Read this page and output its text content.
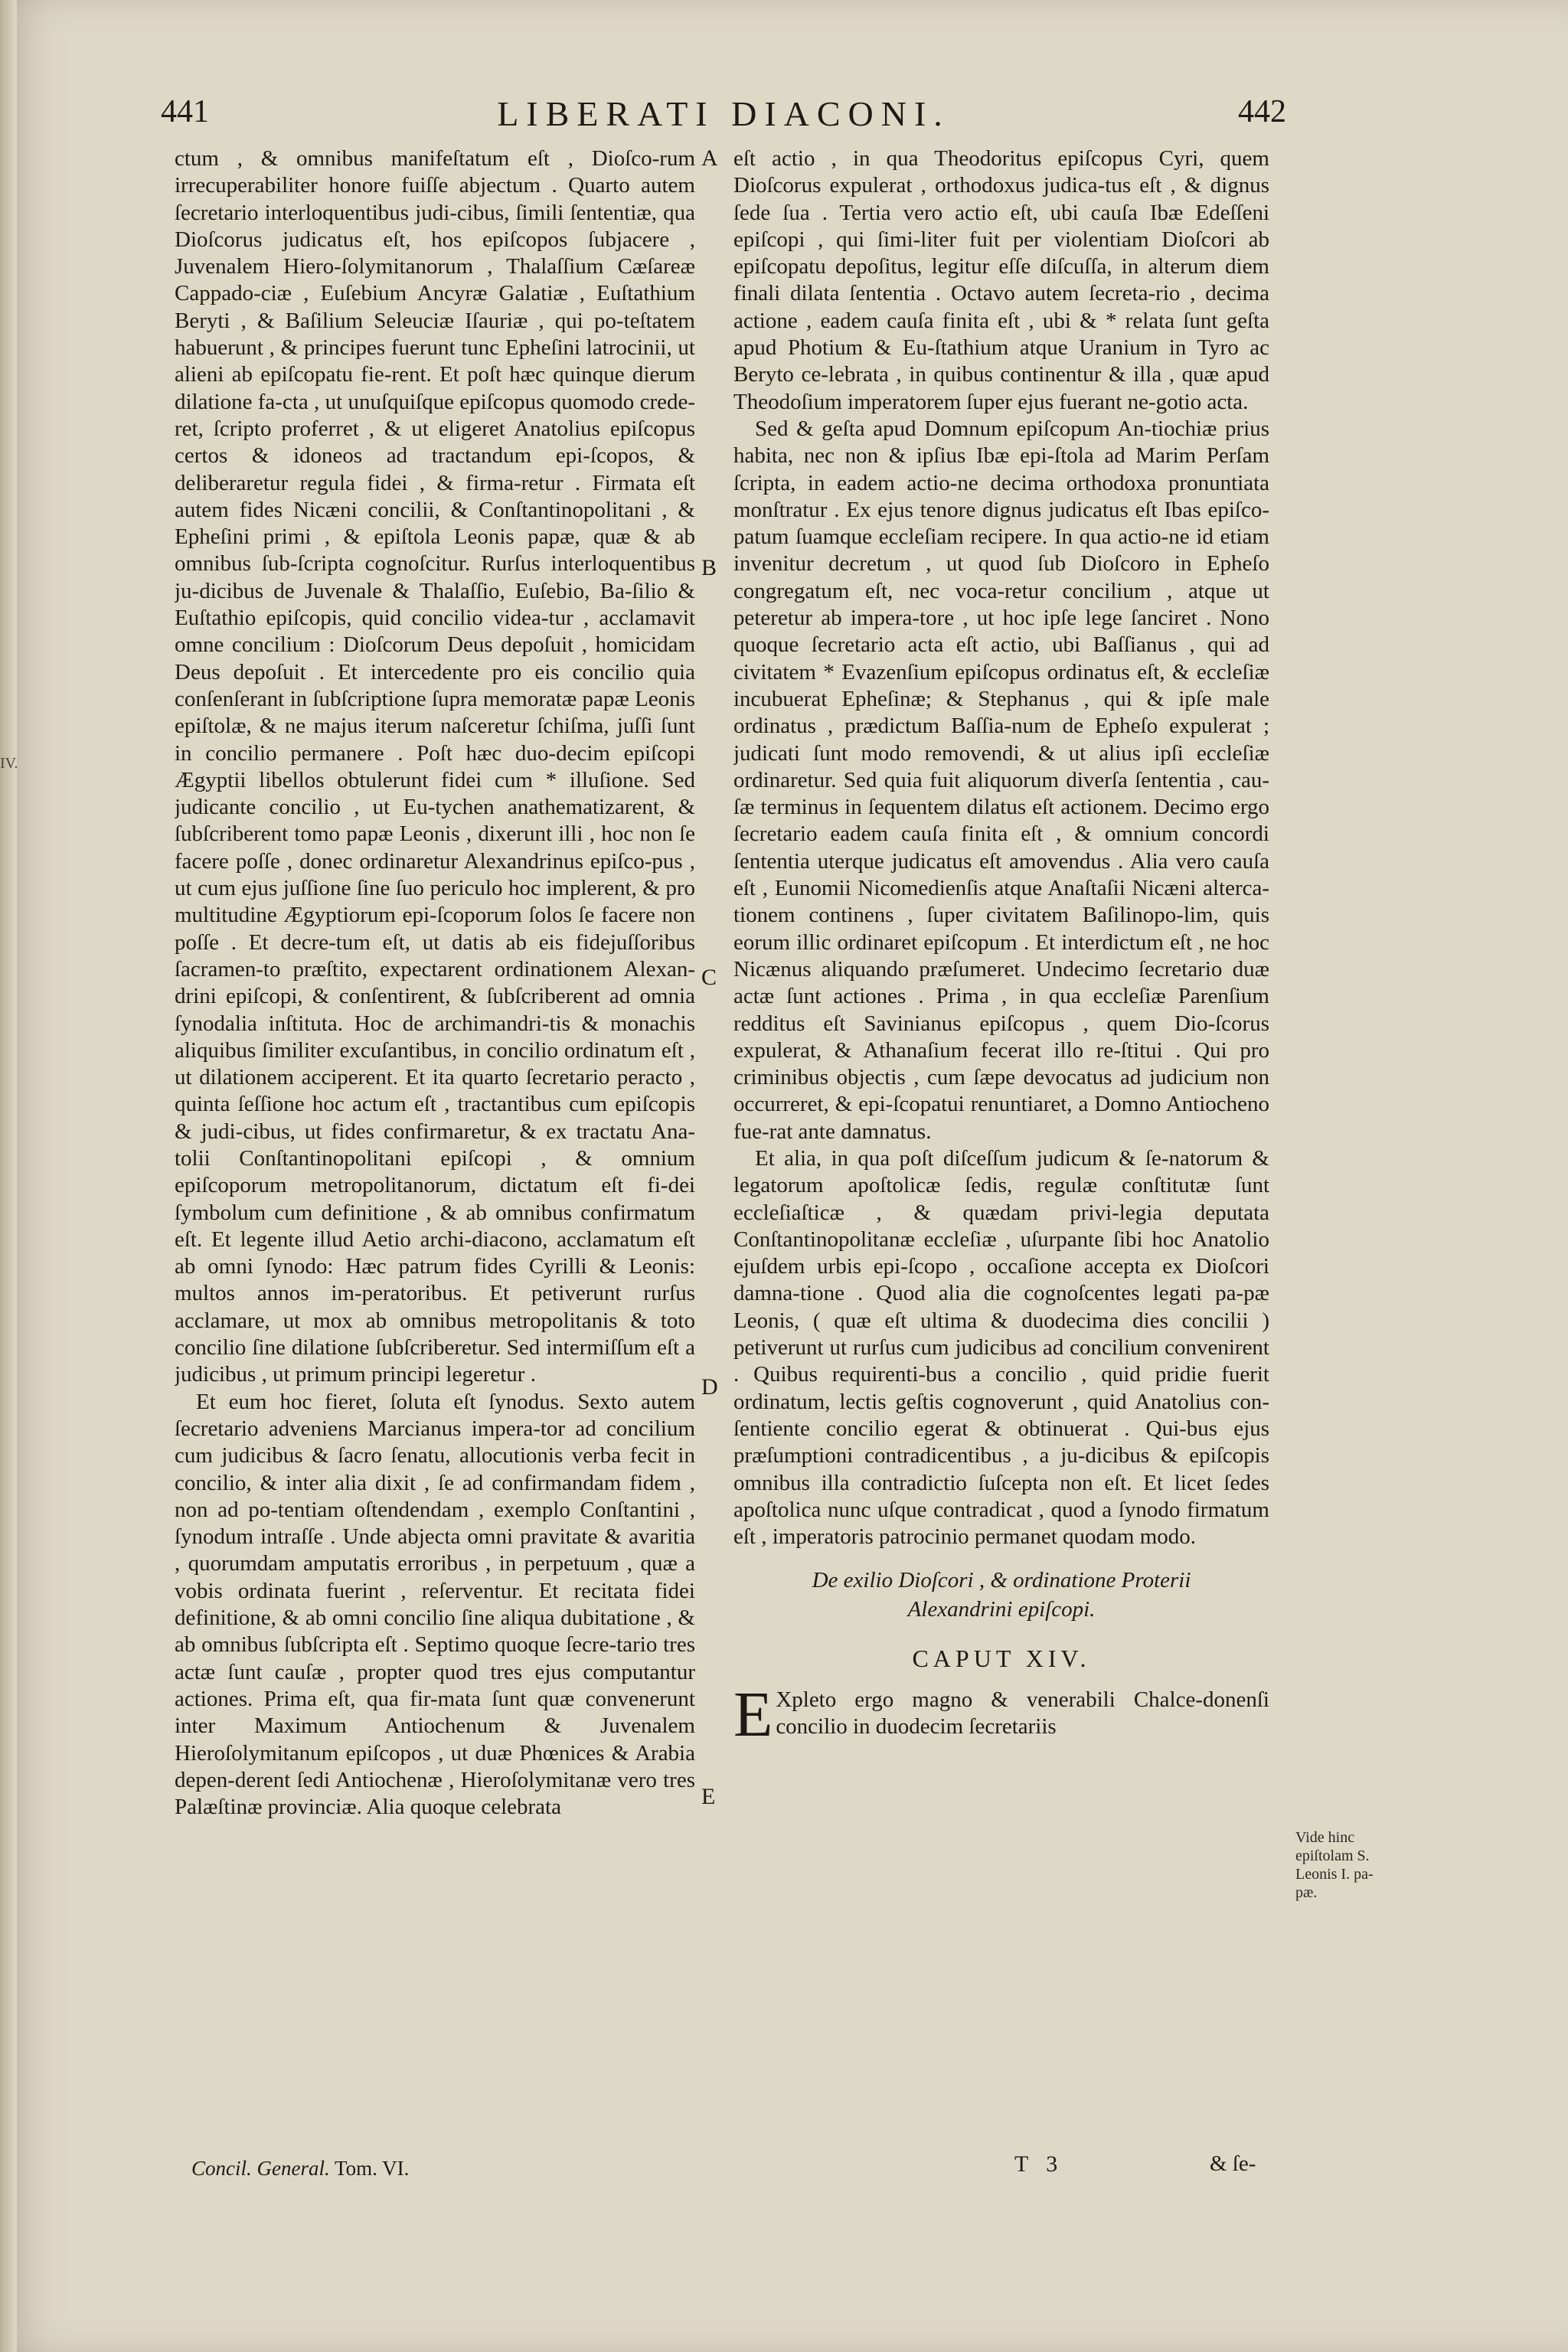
441	LIBERATI DIACONI.	442
IV.

ctum , & omnibus manifeſtatum eſt , Dioſco-rum irrecuperabiliter honore fuiſſe abjectum . Quarto autem ſecretario interloquentibus judi-cibus, ſimili ſententiæ, qua Dioſcorus judicatus eſt, hos epiſcopos ſubjacere , Juvenalem Hiero-ſolymitanorum , Thalaſſium Cæſareæ Cappado-ciæ , Euſebium Ancyræ Galatiæ , Euſtathium Beryti , & Baſilium Seleuciæ Iſauriæ , qui po-teſtatem habuerunt , & principes fuerunt tunc Epheſini latrocinii, ut alieni ab epiſcopatu fie-rent. Et poſt hæc quinque dierum dilatione fa-cta , ut unuſquiſque epiſcopus quomodo crede-ret, ſcripto proferret , & ut eligeret Anatolius epiſcopus certos & idoneos ad tractandum epi-ſcopos, & deliberaretur regula fidei , & firma-retur . Firmata eſt autem fides Nicæni concilii, & Conſtantinopolitani , & Epheſini primi , & epiſtola Leonis papæ, quæ & ab omnibus ſub-ſcripta cognoſcitur. Rurſus interloquentibus ju-dicibus de Juvenale & Thalaſſio, Euſebio, Ba-ſilio & Euſtathio epiſcopis, quid concilio videa-tur , acclamavit omne concilium : Dioſcorum Deus depoſuit , homicidam Deus depoſuit . Et intercedente pro eis concilio quia conſenſerant in ſubſcriptione ſupra memoratæ papæ Leonis epiſtolæ, & ne majus iterum naſceretur ſchiſma, juſſi ſunt in concilio permanere . Poſt hæc duo-decim epiſcopi Ægyptii libellos obtulerunt fidei cum * illuſione. Sed judicante concilio , ut Eu-tychen anathematizarent, & ſubſcriberent tomo papæ Leonis , dixerunt illi , hoc non ſe facere poſſe , donec ordinaretur Alexandrinus epiſco-pus , ut cum ejus juſſione ſine ſuo periculo hoc implerent, & pro multitudine Ægyptiorum epi-ſcoporum ſolos ſe facere non poſſe . Et decre-tum eſt, ut datis ab eis fidejuſſoribus ſacramen-to præſtito, expectarent ordinationem Alexan-drini epiſcopi, & conſentirent, & ſubſcriberent ad omnia ſynodalia inſtituta. Hoc de archimandri-tis & monachis aliquibus ſimiliter excuſantibus, in concilio ordinatum eſt , ut dilationem acciperent. Et ita quarto ſecretario peracto , quinta ſeſſione hoc actum eſt , tractantibus cum epiſcopis & judi-cibus, ut fides confirmaretur, & ex tractatu Ana-tolii Conſtantinopolitani epiſcopi , & omnium epiſcoporum metropolitanorum, dictatum eſt fi-dei ſymbolum cum definitione , & ab omnibus confirmatum eſt. Et legente illud Aetio archi-diacono, acclamatum eſt ab omni ſynodo: Hæc patrum fides Cyrilli & Leonis: multos annos im-peratoribus. Et petiverunt rurſus acclamare, ut mox ab omnibus metropolitanis & toto concilio ſine dilatione ſubſcriberetur. Sed intermiſſum eſt a judicibus , ut primum principi legeretur .

Et eum hoc fieret, ſoluta eſt ſynodus. Sexto autem ſecretario adveniens Marcianus impera-tor ad concilium cum judicibus & ſacro ſenatu, allocutionis verba fecit in concilio, & inter alia dixit , ſe ad confirmandam fidem , non ad po-tentiam oſtendendam , exemplo Conſtantini , ſynodum intraſſe . Unde abjecta omni pravitate & avaritia , quorumdam amputatis erroribus , in perpetuum , quæ a vobis ordinata fuerint , reſerventur. Et recitata fidei definitione, & ab omni concilio ſine aliqua dubitatione , & ab omnibus ſubſcripta eſt . Septimo quoque ſecre-tario tres actæ ſunt cauſæ , propter quod tres ejus computantur actiones. Prima eſt, qua fir-mata ſunt quæ convenerunt inter Maximum Antiochenum & Juvenalem Hieroſolymitanum epiſcopos , ut duæ Phœnices & Arabia depen-derent ſedi Antiochenæ , Hieroſolymitanæ vero tres Palæſtinæ provinciæ. Alia quoque celebrata

A
B
C
D
E

eſt actio , in qua Theodoritus epiſcopus Cyri, quem Dioſcorus expulerat , orthodoxus judica-tus eſt , & dignus ſede ſua . Tertia vero actio eſt, ubi cauſa Ibæ Edeſſeni epiſcopi , qui ſimi-liter fuit per violentiam Dioſcori ab epiſcopatu depoſitus, legitur eſſe diſcuſſa, in alterum diem finali dilata ſententia . Octavo autem ſecreta-rio , decima actione , eadem cauſa finita eſt , ubi & * relata ſunt geſta apud Photium & Eu-ſtathium atque Uranium in Tyro ac Beryto ce-lebrata , in quibus continentur & illa , quæ apud Theodoſium imperatorem ſuper ejus fuerant ne-gotio acta.

Sed & geſta apud Domnum epiſcopum An-tiochiæ prius habita, nec non & ipſius Ibæ epi-ſtola ad Marim Perſam ſcripta, in eadem actio-ne decima orthodoxa pronuntiata monſtratur . Ex ejus tenore dignus judicatus eſt Ibas epiſco-patum ſuamque eccleſiam recipere. In qua actio-ne id etiam invenitur decretum , ut quod ſub Dioſcoro in Epheſo congregatum eſt, nec voca-retur concilium , atque ut peteretur ab impera-tore , ut hoc ipſe lege ſanciret . Nono quoque ſecretario acta eſt actio, ubi Baſſianus , qui ad civitatem * Evazenſium epiſcopus ordinatus eſt, & eccleſiæ incubuerat Epheſinæ; & Stephanus , qui & ipſe male ordinatus , prædictum Baſſia-num de Epheſo expulerat ; judicati ſunt modo removendi, & ut alius ipſi eccleſiæ ordinaretur. Sed quia fuit aliquorum diverſa ſententia , cau-ſæ terminus in ſequentem dilatus eſt actionem. Decimo ergo ſecretario eadem cauſa finita eſt , & omnium concordi ſententia uterque judicatus eſt amovendus . Alia vero cauſa eſt , Eunomii Nicomedienſis atque Anaſtaſii Nicæni alterca-tionem continens , ſuper civitatem Baſilinopo-lim, quis eorum illic ordinaret epiſcopum . Et interdictum eſt , ne hoc Nicænus aliquando præſumeret. Undecimo ſecretario duæ actæ ſunt actiones . Prima , in qua eccleſiæ Parenſium redditus eſt Savinianus epiſcopus , quem Dio-ſcorus expulerat, & Athanaſium fecerat illo re-ſtitui . Qui pro criminibus objectis , cum ſæpe devocatus ad judicium non occurreret, & epi-ſcopatui renuntiaret, a Domno Antiocheno fue-rat ante damnatus.

Et alia, in qua poſt diſceſſum judicum & ſe-natorum & legatorum apoſtolicæ ſedis, regulæ conſtitutæ ſunt eccleſiaſticæ , & quædam privi-legia deputata Conſtantinopolitanæ eccleſiæ , uſurpante ſibi hoc Anatolio ejuſdem urbis epi-ſcopo , occaſione accepta ex Dioſcori damna-tione . Quod alia die cognoſcentes legati pa-pæ Leonis, ( quæ eſt ultima & duodecima dies concilii ) petiverunt ut rurſus cum judicibus ad concilium convenirent . Quibus requirenti-bus a concilio , quid pridie fuerit ordinatum, lectis geſtis cognoverunt , quid Anatolius con-ſentiente concilio egerat & obtinuerat . Qui-bus ejus præſumptioni contradicentibus , a ju-dicibus & epiſcopis omnibus illa contradictio ſuſcepta non eſt. Et licet ſedes apoſtolica nunc uſque contradicat , quod a ſynodo firmatum eſt , imperatoris patrocinio permanet quodam modo.

De exilio Dioſcori , & ordinatione Proterii
Alexandrini epiſcopi.
CAPUT XIV.

E Xpleto ergo magno & venerabili Chalce-donenſi concilio in duodecim ſecretariis

Vide hinc epiſtolam S. Leonis I. pa-pæ.
Concil. General. Tom. VI.	T 3	& ſe-
